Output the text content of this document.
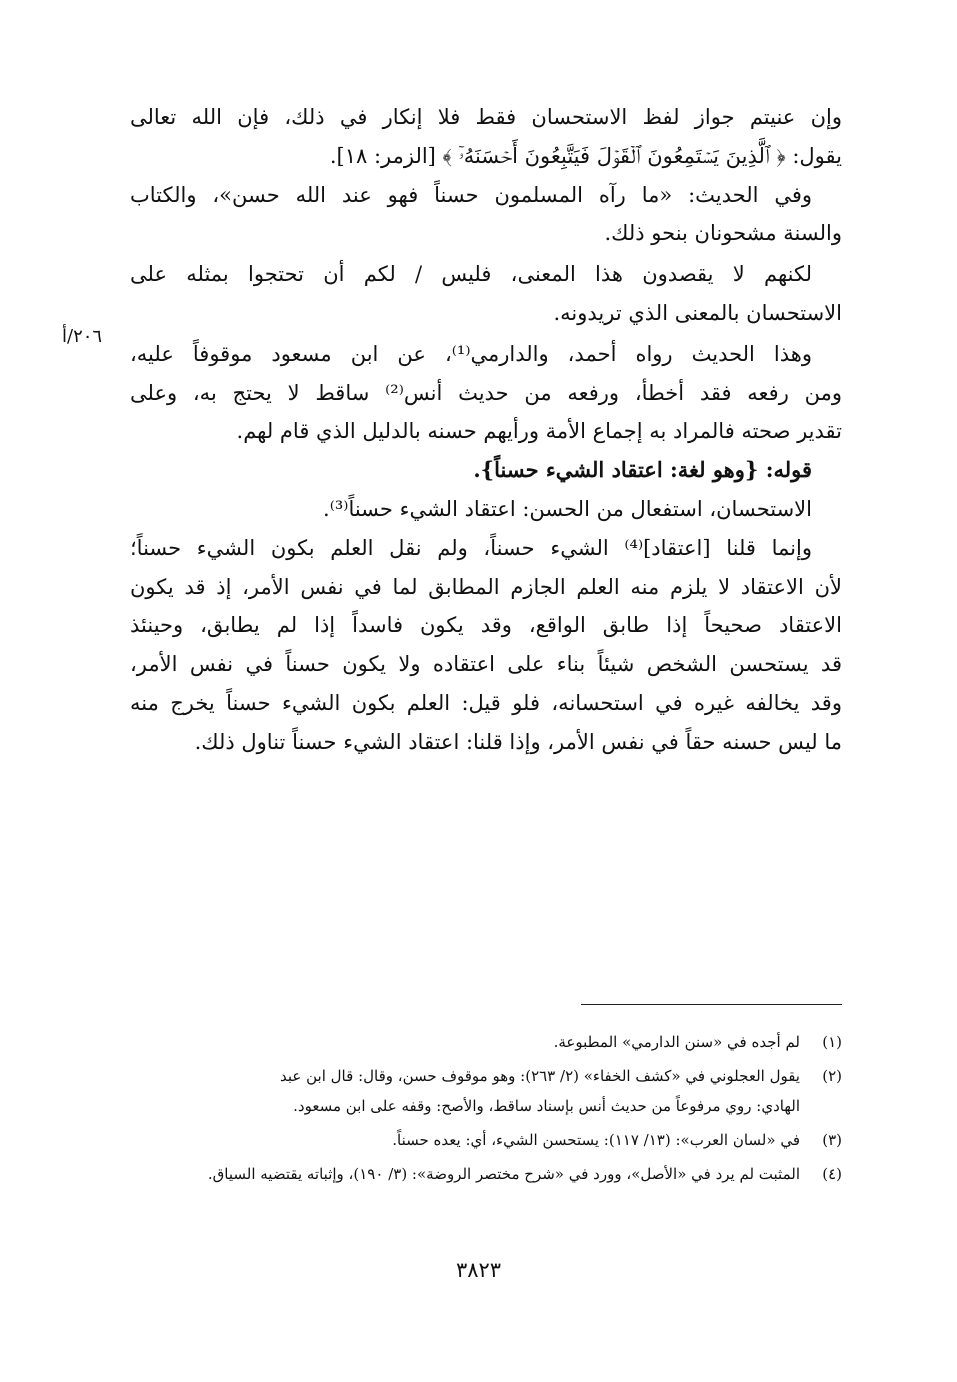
٢٠٦/أ
وإن عنيتم جواز لفظ الاستحسان فقط فلا إنكار في ذلك، فإن الله تعالى
يقول: ﴿ ٱلَّذِينَ يَسۡتَمِعُونَ ٱلۡقَوۡلَ فَيَتَّبِعُونَ أَحۡسَنَهُۥٓ ﴾ [الزمر: ١٨].
وفي الحديث: «ما رآه المسلمون حسناً فهو عند الله حسن»، والكتاب
والسنة مشحونان بنحو ذلك.
لكنهم لا يقصدون هذا المعنى، فليس / لكم أن تحتجوا بمثله على
الاستحسان بالمعنى الذي تريدونه.
وهذا الحديث رواه أحمد، والدارمي⁽¹⁾، عن ابن مسعود موقوفاً عليه،
ومن رفعه فقد أخطأ، ورفعه من حديث أنس⁽²⁾ ساقط لا يحتج به، وعلى
تقدير صحته فالمراد به إجماع الأمة ورأيهم حسنه بالدليل الذي قام لهم.
قوله: {وهو لغة: اعتقاد الشيء حسناً}.
الاستحسان، استفعال من الحسن: اعتقاد الشيء حسناً⁽³⁾.
وإنما قلنا [اعتقاد]⁽⁴⁾ الشيء حسناً، ولم نقل العلم بكون الشيء حسناً؛
لأن الاعتقاد لا يلزم منه العلم الجازم المطابق لما في نفس الأمر، إذ قد يكون
الاعتقاد صحيحاً إذا طابق الواقع، وقد يكون فاسداً إذا لم يطابق، وحينئذ
قد يستحسن الشخص شيئاً بناء على اعتقاده ولا يكون حسناً في نفس الأمر،
وقد يخالفه غيره في استحسانه، فلو قيل: العلم بكون الشيء حسناً يخرج منه
ما ليس حسنه حقاً في نفس الأمر، وإذا قلنا: اعتقاد الشيء حسناً تناول ذلك.
(١)
لم أجده في «سنن الدارمي» المطبوعة.
(٢)
يقول العجلوني في «كشف الخفاء» (٢/ ٢٦٣): وهو موقوف حسن، وقال: قال ابن عبد
الهادي: روي مرفوعاً من حديث أنس بإسناد ساقط، والأصح: وقفه على ابن مسعود.
(٣)
في «لسان العرب»: (١٣/ ١١٧): يستحسن الشيء، أي: يعده حسناً.
(٤)
المثبت لم يرد في «الأصل»، وورد في «شرح مختصر الروضة»: (٣/ ١٩٠)، وإثباته يقتضيه السياق.
٣٨٢٣
